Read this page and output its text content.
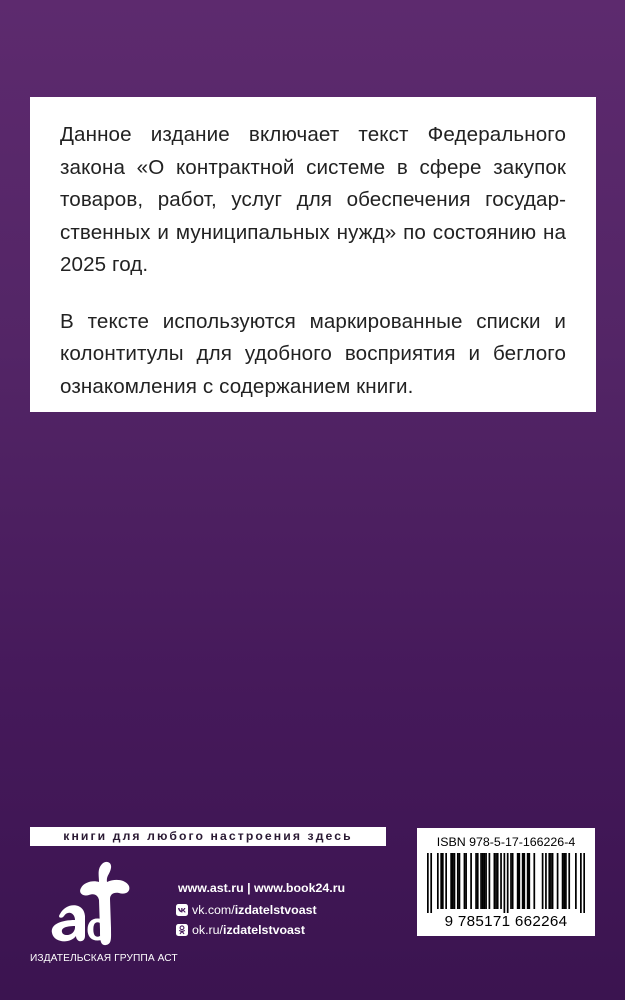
Данное издание включает текст Федерального закона «О контрактной системе в сфере закупок товаров, работ, услуг для обеспечения государственных и муниципальных нужд» по состоянию на 2025 год.

В тексте используются маркированные списки и колонтитулы для удобного восприятия и беглого ознакомления с содержанием книги.

книги для любого настроения здесь
c
ИЗДАТЕЛЬСКАЯ ГРУППА АСТ
www.ast.ru | www.book24.ru
vk.com/ izdatelstvoast
ok.ru/ izdatelstvoast
ISBN 978-5-17-166226-4
9 785171 662264
